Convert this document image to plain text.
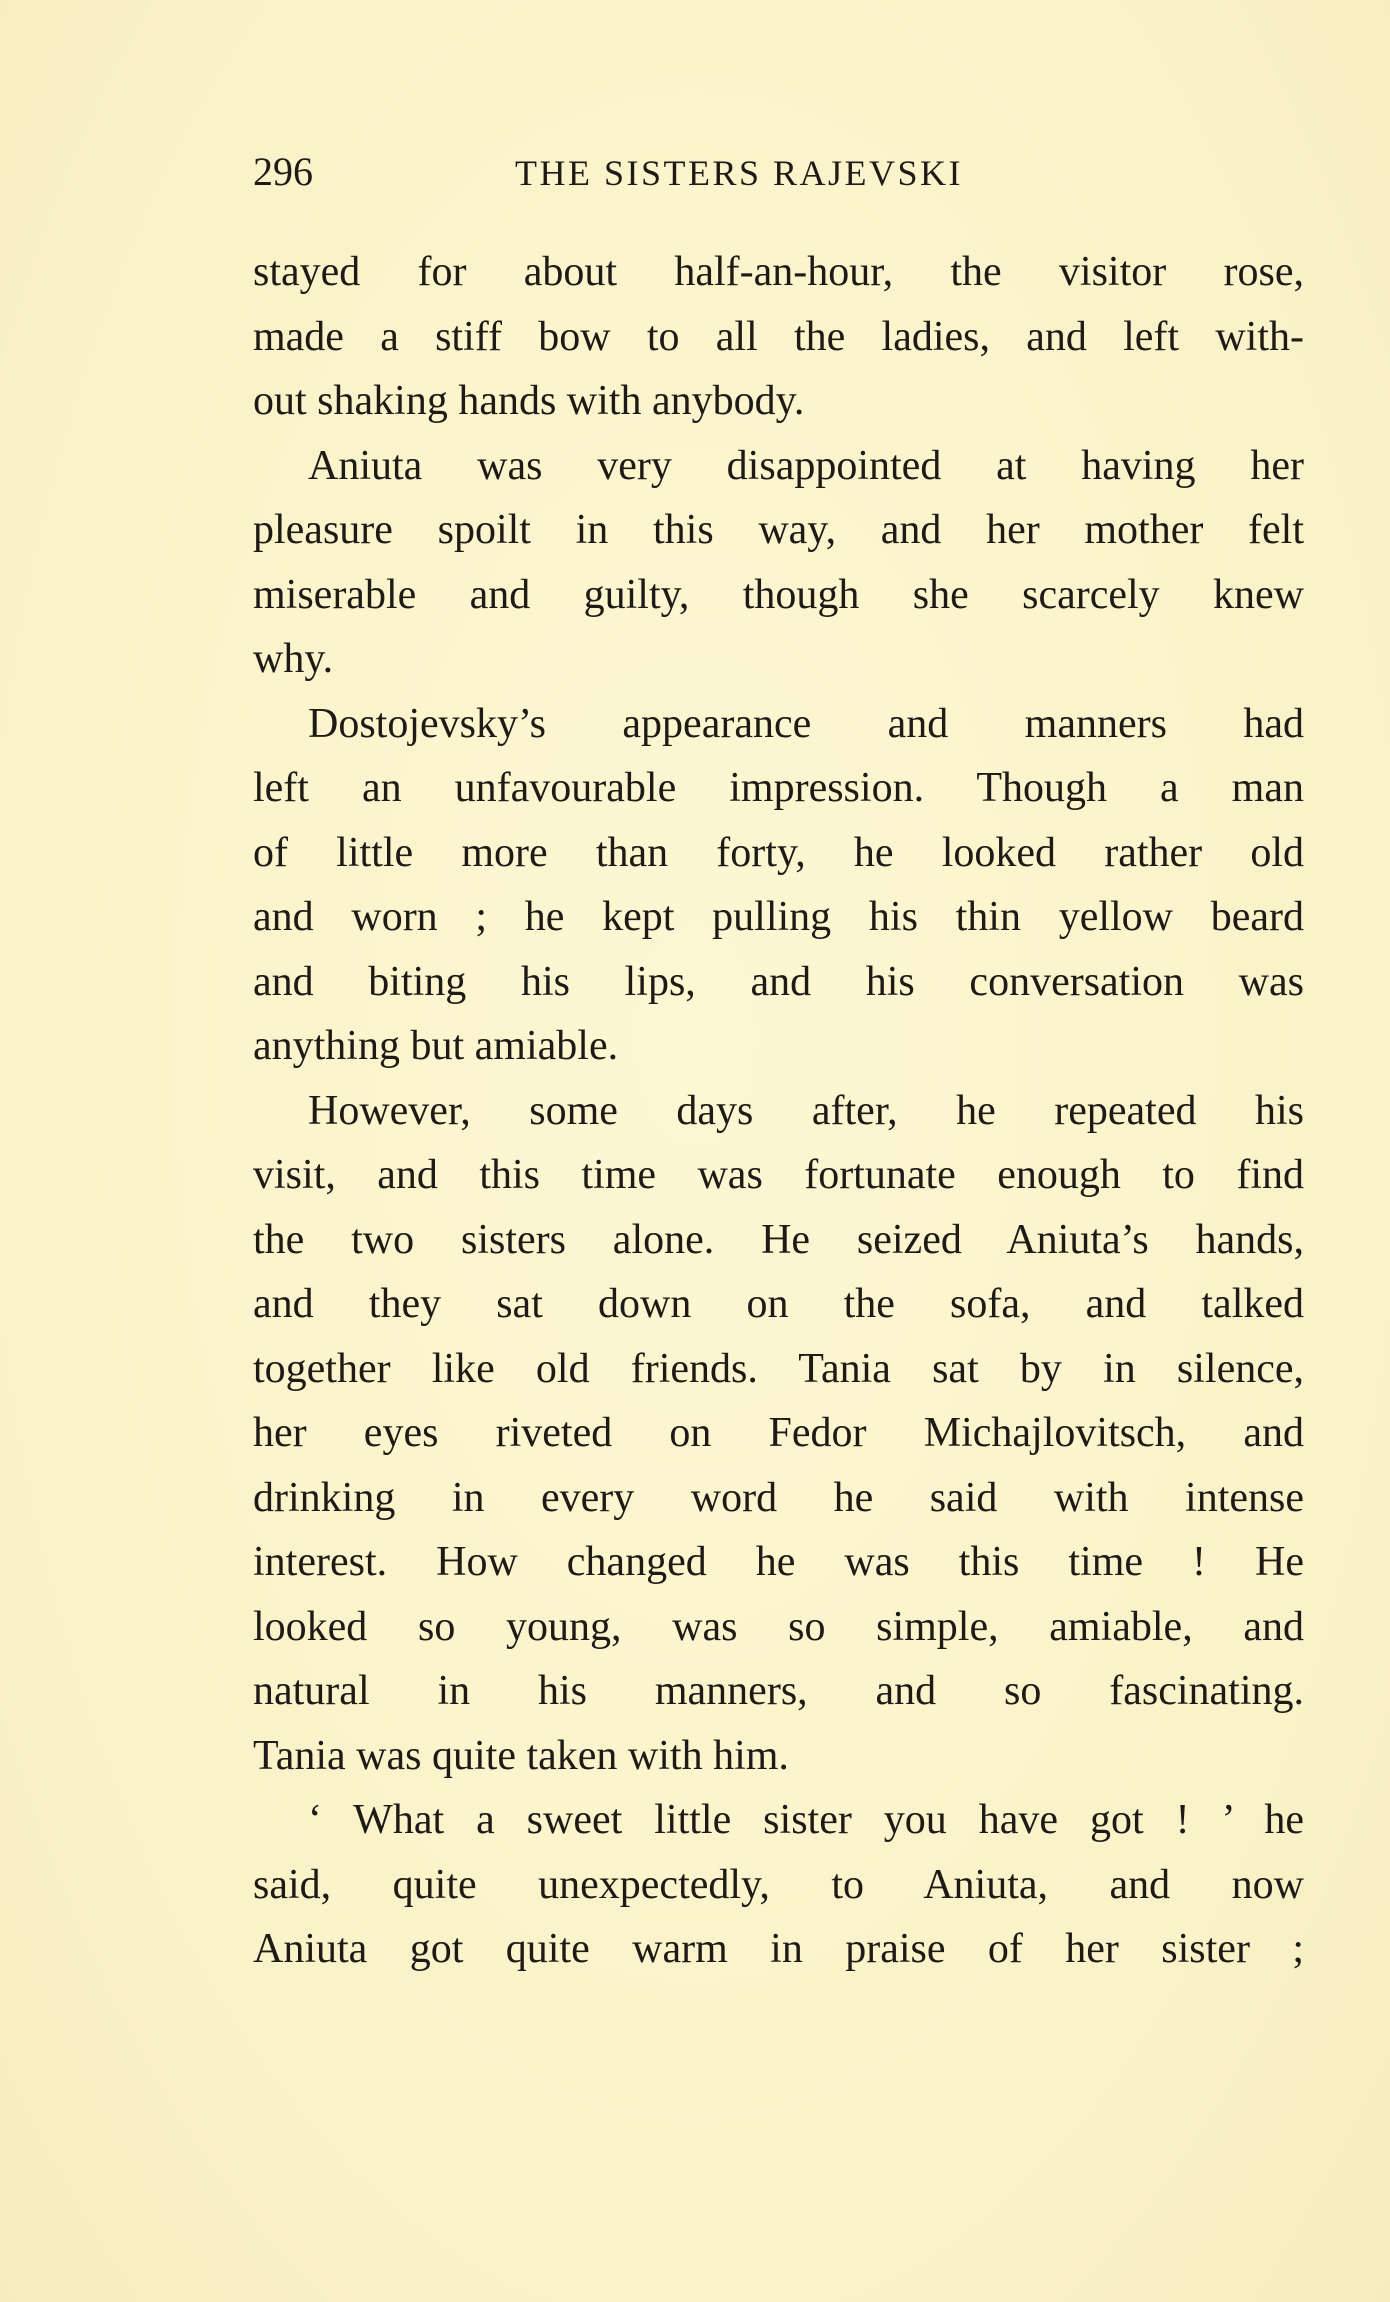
296	THE SISTERS RAJEVSKI
stayed for about half-an-hour, the visitor rose,
made a stiff bow to all the ladies, and left with-
out shaking hands with anybody.
Aniuta was very disappointed at having her
pleasure spoilt in this way, and her mother felt
miserable and guilty, though she scarcely knew
why.
Dostojevsky’s appearance and manners had
left an unfavourable impression. Though a man
of little more than forty, he looked rather old
and worn ; he kept pulling his thin yellow beard
and biting his lips, and his conversation was
anything but amiable.
However, some days after, he repeated his
visit, and this time was fortunate enough to find
the two sisters alone. He seized Aniuta’s hands,
and they sat down on the sofa, and talked
together like old friends. Tania sat by in silence,
her eyes riveted on Fedor Michajlovitsch, and
drinking in every word he said with intense
interest. How changed he was this time ! He
looked so young, was so simple, amiable, and
natural in his manners, and so fascinating.
Tania was quite taken with him.
‘ What a sweet little sister you have got ! ’ he
said, quite unexpectedly, to Aniuta, and now
Aniuta got quite warm in praise of her sister ;
